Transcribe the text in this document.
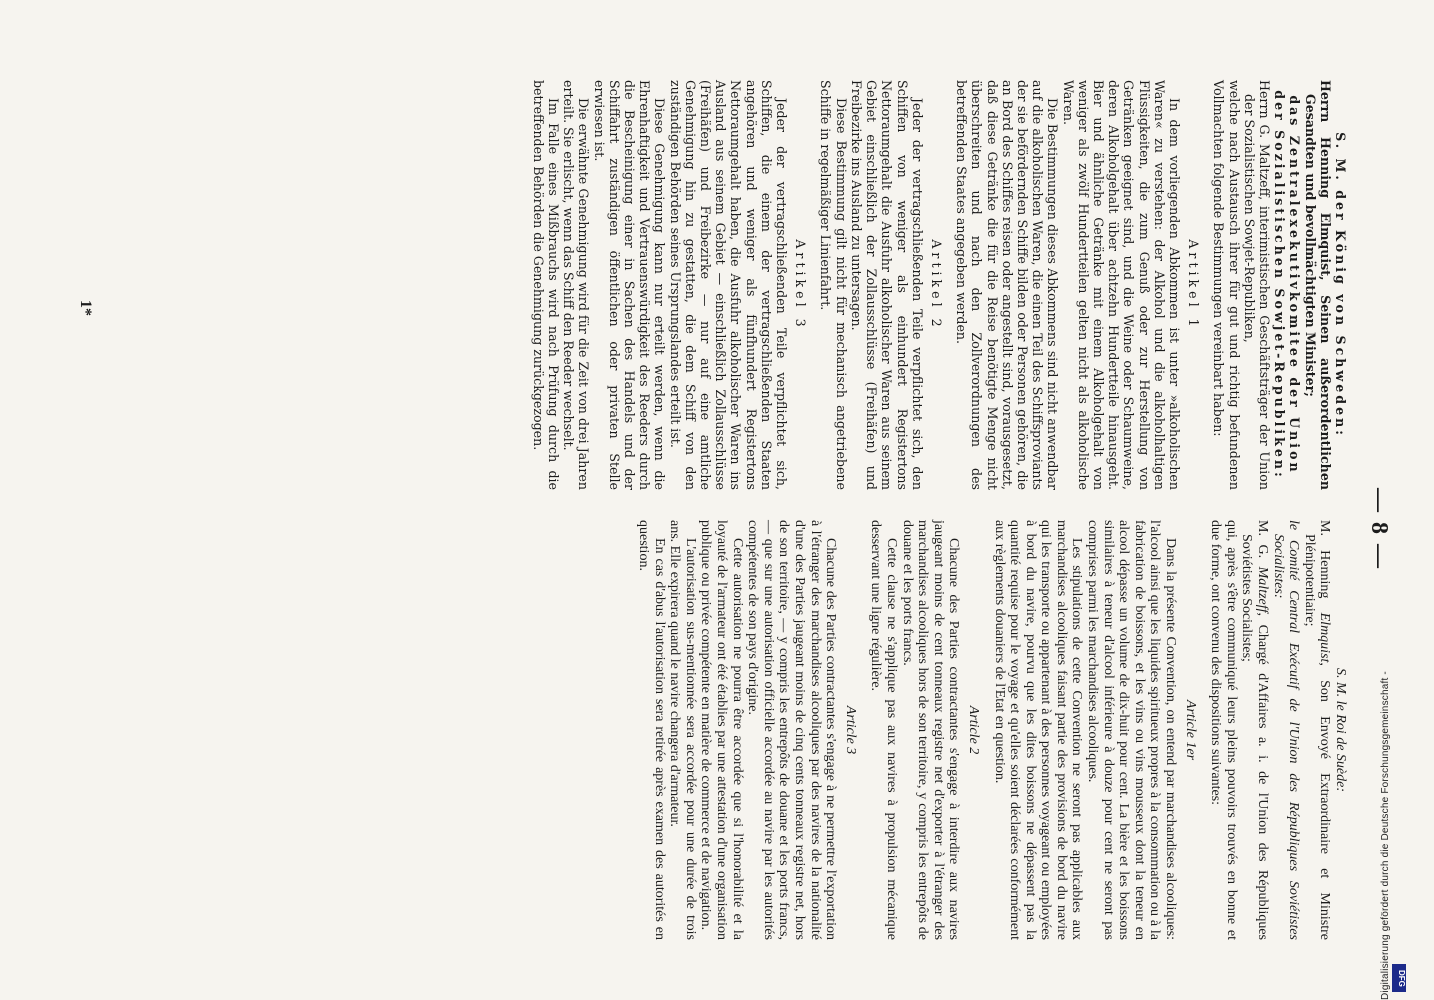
— 8 —

S. M. der König von Schweden:

Herrn Henning Elmquist, Seinen außerordentlichen Gesandten und bevollmächtigten Minister;

das Zentralexekutivkomitee der Union der Sozialistischen Sowjet-Republiken:

Herrn G. Maltzeff, interimistischen Geschäftsträger der Union der Sozialistischen Sowjet-Republiken,

welche nach Austausch ihrer für gut und richtig befundenen Vollmachten folgende Bestimmungen vereinbart haben:

Artikel 1

In dem vorliegenden Abkommen ist unter »alkoholischen Waren« zu verstehen: der Alkohol und die alkoholhaltigen Flüssigkeiten, die zum Genuß oder zur Herstellung von Getränken geeignet sind, und die Weine oder Schaumweine, deren Alkoholgehalt über achtzehn Hundertteile hinausgeht. Bier und ähnliche Getränke mit einem Alkoholgehalt von weniger als zwölf Hundertteilen gelten nicht als alkoholische Waren.

Die Bestimmungen dieses Abkommens sind nicht anwendbar auf die alkoholischen Waren, die einen Teil des Schiffsproviants der sie befördernden Schiffe bilden oder Personen gehören, die an Bord des Schiffes reisen oder angestellt sind, vorausgesetzt, daß diese Getränke die für die Reise benötigte Menge nicht überschreiten und nach den Zollverordnungen des betreffenden Staates angegeben werden.

Artikel 2

Jeder der vertragschließenden Teile verpflichtet sich, den Schiffen von weniger als einhundert Registertons Nettoraumgehalt die Ausfuhr alkoholischer Waren aus seinem Gebiet einschließlich der Zollausschlüsse (Freihäfen) und Freibezirke ins Ausland zu untersagen.

Diese Bestimmung gilt nicht für mechanisch angetriebene Schiffe in regelmäßiger Linienfahrt.

Artikel 3

Jeder der vertragschließenden Teile verpflichtet sich, Schiffen, die einem der vertragschließenden Staaten angehören und weniger als fünfhundert Registertons Nettoraumgehalt haben, die Ausfuhr alkoholischer Waren ins Ausland aus seinem Gebiet — einschließlich Zollausschlüsse (Freihäfen) und Freibezirke — nur auf eine amtliche Genehmigung hin zu gestatten, die dem Schiff von den zuständigen Behörden seines Ursprungslandes erteilt ist.

Diese Genehmigung kann nur erteilt werden, wenn die Ehrenhaftigkeit und Vertrauenswürdigkeit des Reeders durch die Bescheinigung einer in Sachen des Handels und der Schiffahrt zuständigen öffentlichen oder privaten Stelle erwiesen ist.

Die erwähnte Genehmigung wird für die Zeit von drei Jahren erteilt. Sie erlischt, wenn das Schiff den Reeder wechselt.

Im Falle eines Mißbrauchs wird nach Prüfung durch die betreffenden Behörden die Genehmigung zurückgezogen.

S. M. le Roi de Suède:

M. Henning Elmquist, Son Envoyé Extraordinaire et Ministre Plénipotentiaire;

le Comité Central Exécutif de l'Union des Républiques Soviétistes Socialistes:

M. G. Maltzeff, Chargé d'Affaires a. i. de l'Union des Républiques Soviétistes Socialistes;

qui, après s'être communiqué leurs pleins pouvoirs trouvés en bonne et due forme, ont convenu des dispositions suivantes:

Article 1er

Dans la présente Convention, on entend par marchandises alcooliques: l'alcool ainsi que les liquides spiritueux propres à la consommation ou à la fabrication de boissons, et les vins ou vins mousseux dont la teneur en alcool dépasse un volume de dix-huit pour cent. La bière et les boissons similaires à teneur d'alcool inférieure à douze pour cent ne seront pas comprises parmi les marchandises alcooliques.

Les stipulations de cette Convention ne seront pas applicables aux marchandises alcooliques faisant partie des provisions de bord du navire qui les transporte ou appartenant à des personnes voyageant ou employées à bord du navire, pourvu que les dites boissons ne dépassent pas la quantité requise pour le voyage et qu'elles soient déclarées conformément aux règlements douaniers de l'Etat en question.

Article 2

Chacune des Parties contractantes s'engage à interdire aux navires jaugeant moins de cent tonneaux registre net d'exporter à l'étranger des marchandises alcooliques hors de son territoire, y compris les entrepôts de douane et les ports francs.

Cette clause ne s'applique pas aux navires à propulsion mécanique desservant une ligne régulière.

Article 3

Chacune des Parties contractantes s'engage à ne permettre l'exportation à l'étranger des marchandises alcooliques par des navires de la nationalité d'une des Parties jaugeant moins de cinq cents tonneaux registre net, hors de son territoire, — y compris les entrepôts de douane et les ports francs, — que sur une autorisation officielle accordée au navire par les autorités compétentes de son pays d'origine.

Cette autorisation ne pourra être accordée que si l'honorabilité et la loyauté de l'armateur ont été établies par une attestation d'une organisation publique ou privée compétente en matière de commerce et de navigation.

L'autorisation sus-mentionnée sera accordée pour une durée de trois ans. Elle expirera quand le navire changera d'armateur.

En cas d'abus l'autorisation sera retirée après examen des autorités en question.

1*
Digitalisierung gefördert durch die Deutsche Forschungsgemeinschaft - DFG
